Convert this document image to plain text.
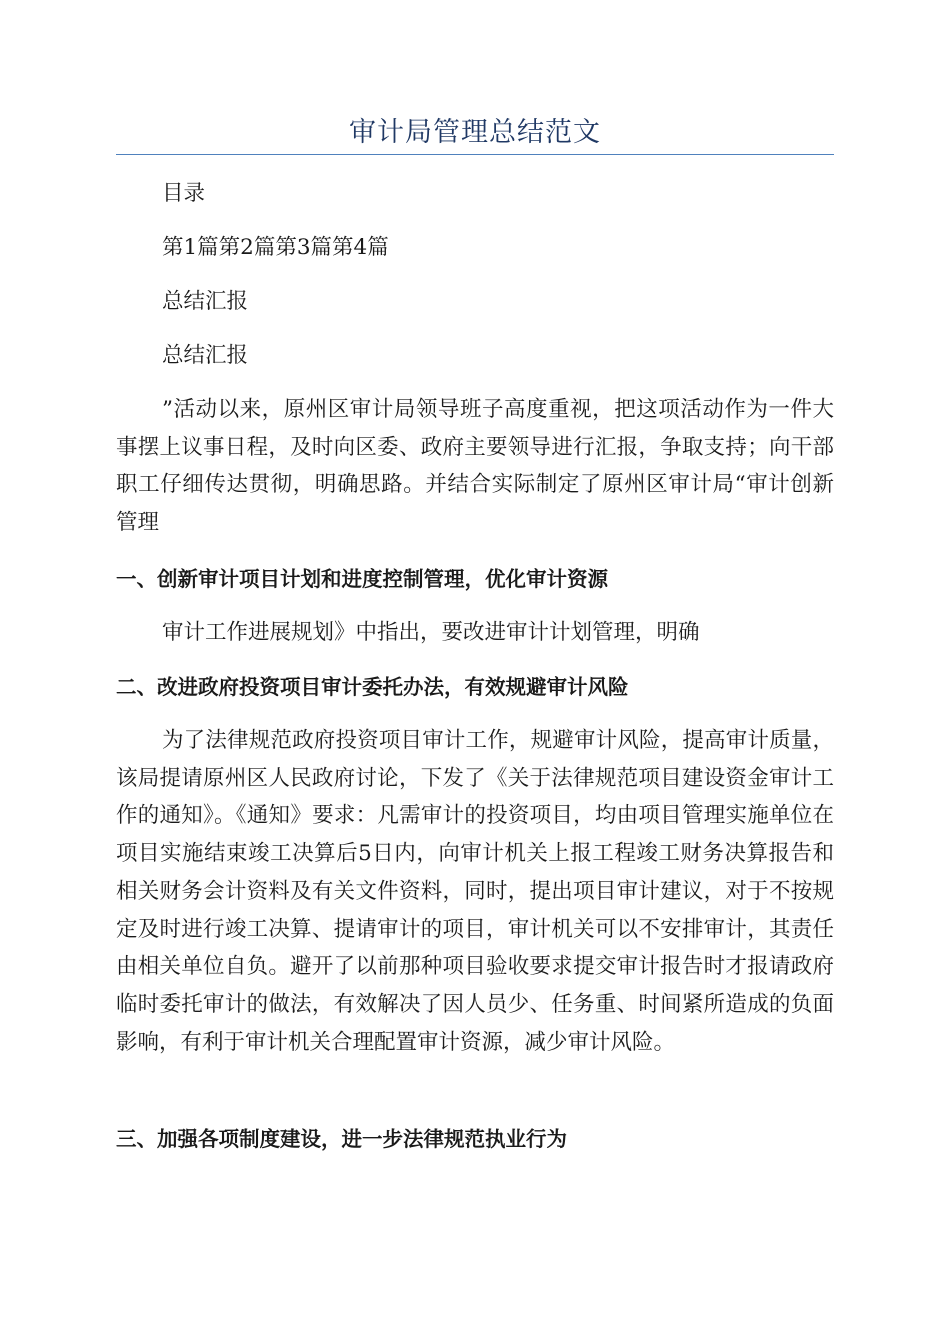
审计局管理总结范文
目录
第1篇第2篇第3篇第4篇
总结汇报
总结汇报

”活动以来，原州区审计局领导班子高度重视，把这项活动作为一件大事摆上议事日程，及时向区委、政府主要领导进行汇报，争取支持；向干部职工仔细传达贯彻，明确思路。并结合实际制定了原州区审计局“审计创新管理

一、创新审计项目计划和进度控制管理，优化审计资源
审计工作进展规划》中指出，要改进审计计划管理，明确
二、改进政府投资项目审计委托办法，有效规避审计风险

为了法律规范政府投资项目审计工作，规避审计风险，提高审计质量，该局提请原州区人民政府讨论，下发了《关于法律规范项目建设资金审计工作的通知》。《通知》要求：凡需审计的投资项目，均由项目管理实施单位在项目实施结束竣工决算后5日内，向审计机关上报工程竣工财务决算报告和相关财务会计资料及有关文件资料，同时，提出项目审计建议，对于不按规定及时进行竣工决算、提请审计的项目，审计机关可以不安排审计，其责任由相关单位自负。避开了以前那种项目验收要求提交审计报告时才报请政府临时委托审计的做法，有效解决了因人员少、任务重、时间紧所造成的负面影响，有利于审计机关合理配置审计资源，减少审计风险。

三、加强各项制度建设，进一步法律规范执业行为
